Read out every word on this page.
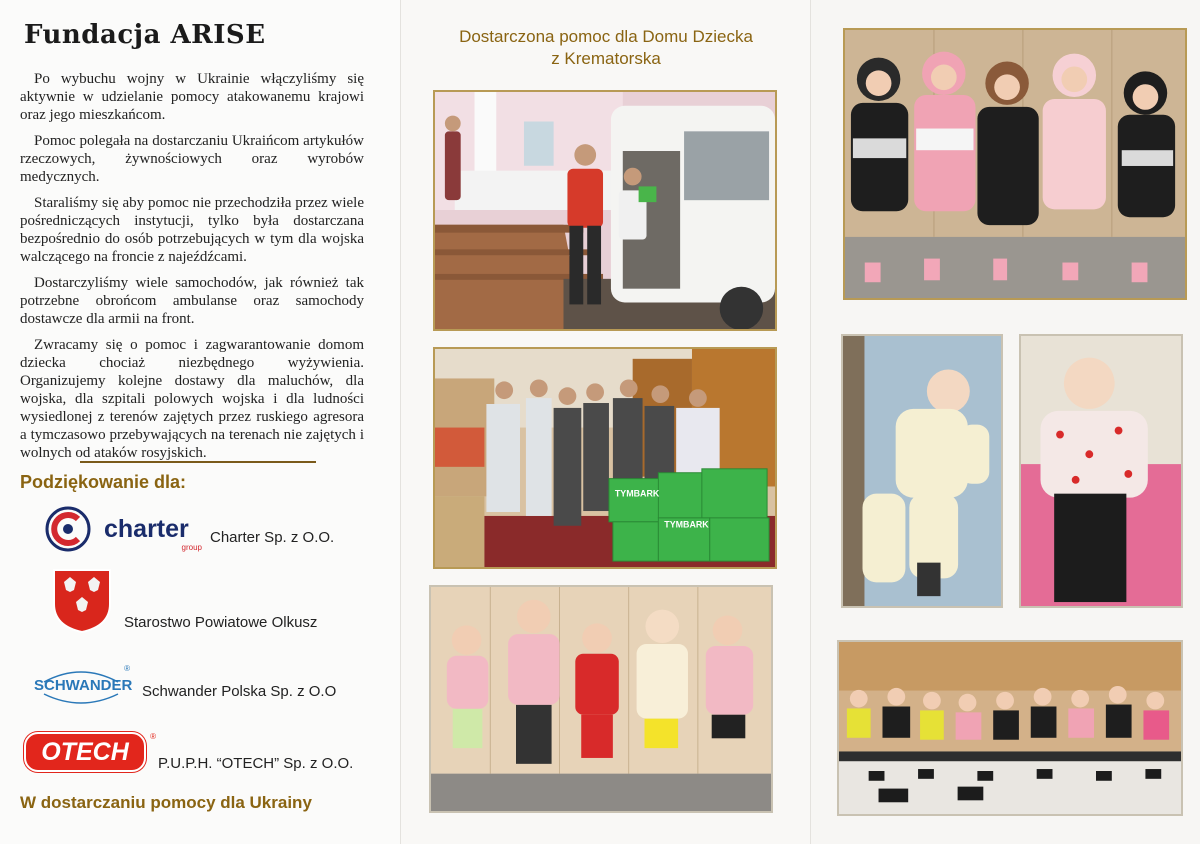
Fundacja ARISE

Po wybuchu wojny w Ukrainie włączyliśmy się aktywnie w udzielanie pomocy atakowanemu krajowi oraz jego mieszkańcom.

Pomoc polegała na dostarczaniu Ukraińcom artykułów rzeczowych, żywnościowych oraz wyrobów medycznych.

Staraliśmy się aby pomoc nie przechodziła przez wiele pośredniczących instytucji, tylko była dostarczana bezpośrednio do osób potrzebujących w tym dla wojska walczącego na froncie z najeźdźcami.

Dostarczyliśmy wiele samochodów, jak również tak potrzebne obrońcom ambulanse oraz samochody dostawcze dla armii na front.

Zwracamy się o pomoc i zagwarantowanie domom dziecka chociaż niezbędnego wyżywienia. Organizujemy kolejne dostawy dla maluchów, dla wojska, dla szpitali polowych wojska i dla ludności wysiedlonej z terenów zajętych przez ruskiego agresora a tymczasowo przebywających na terenach nie zajętych i wolnych od ataków rosyjskich.

Podziękowanie dla:
charter
group
Charter Sp. z O.O.
Starostwo Powiatowe Olkusz
SCHWANDER
®
Schwander Polska Sp. z O.O
OTECH
®
P.U.P.H. “OTECH” Sp. z O.O.
W dostarczaniu pomocy dla Ukrainy
Dostarczona pomoc dla Domu Dziecka
z Krematorska
TYMBARK
TYMBARK
